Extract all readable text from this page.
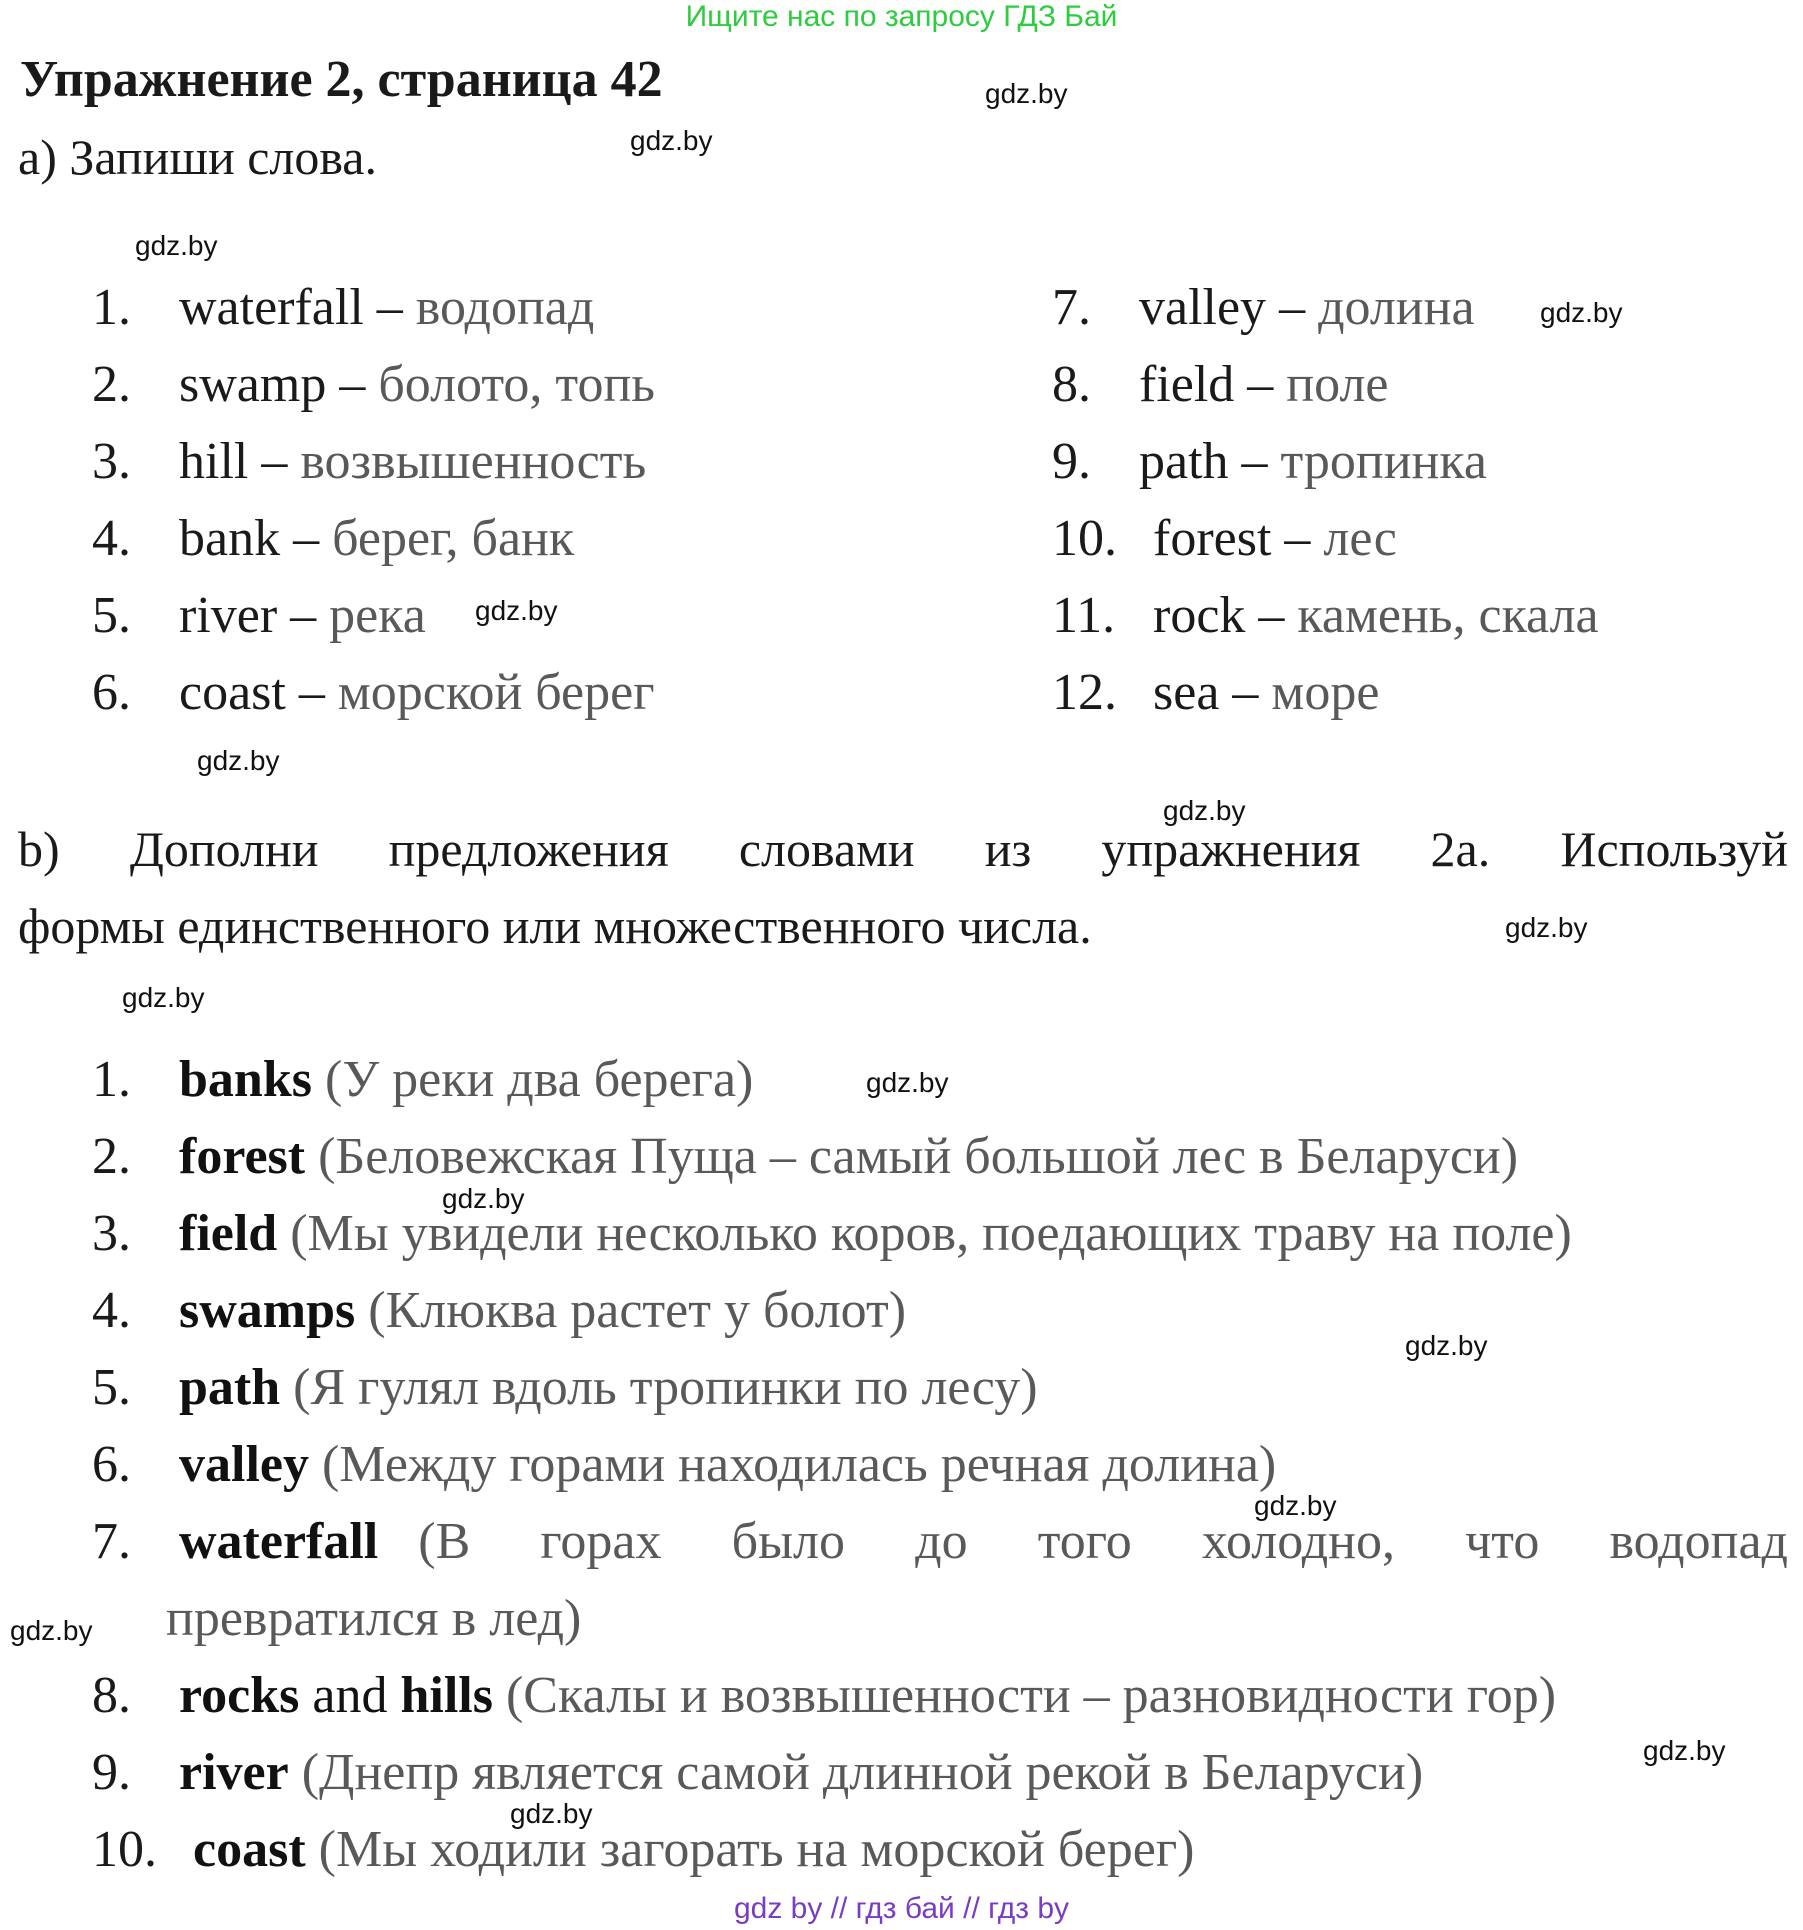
Ищите нас по запросу ГДЗ Бай
Упражнение 2, страница 42
a) Запиши слова.
1. waterfall – водопад
2. swamp – болото, топь
3. hill – возвышенность
4. bank – берег, банк
5. river – река
6. coast – морской берег
7. valley – долина
8. field – поле
9. path – тропинка
10. forest – лес
11. rock – камень, скала
12. sea – море
b) Дополни предложения словами из упражнения 2а. Используй
формы единственного или множественного числа.
1. banks (У реки два берега)
2. forest (Беловежская Пуща – самый большой лес в Беларуси)
3. field (Мы увидели несколько коров, поедающих траву на поле)
4. swamps (Клюква растет у болот)
5. path (Я гулял вдоль тропинки по лесу)
6. valley (Между горами находилась речная долина)
7. waterfall (В горах было до того холодно, что водопад
превратился в лед)
8. rocks and hills (Скалы и возвышенности – разновидности гор)
9. river (Днепр является самой длинной рекой в Беларуси)
10. coast (Мы ходили загорать на морской берег)
gdz.by
gdz.by
gdz.by
gdz.by
gdz.by
gdz.by
gdz.by
gdz.by
gdz.by
gdz.by
gdz.by
gdz.by
gdz.by
gdz.by
gdz.by
gdz.by
gdz by // гдз бай // гдз by
